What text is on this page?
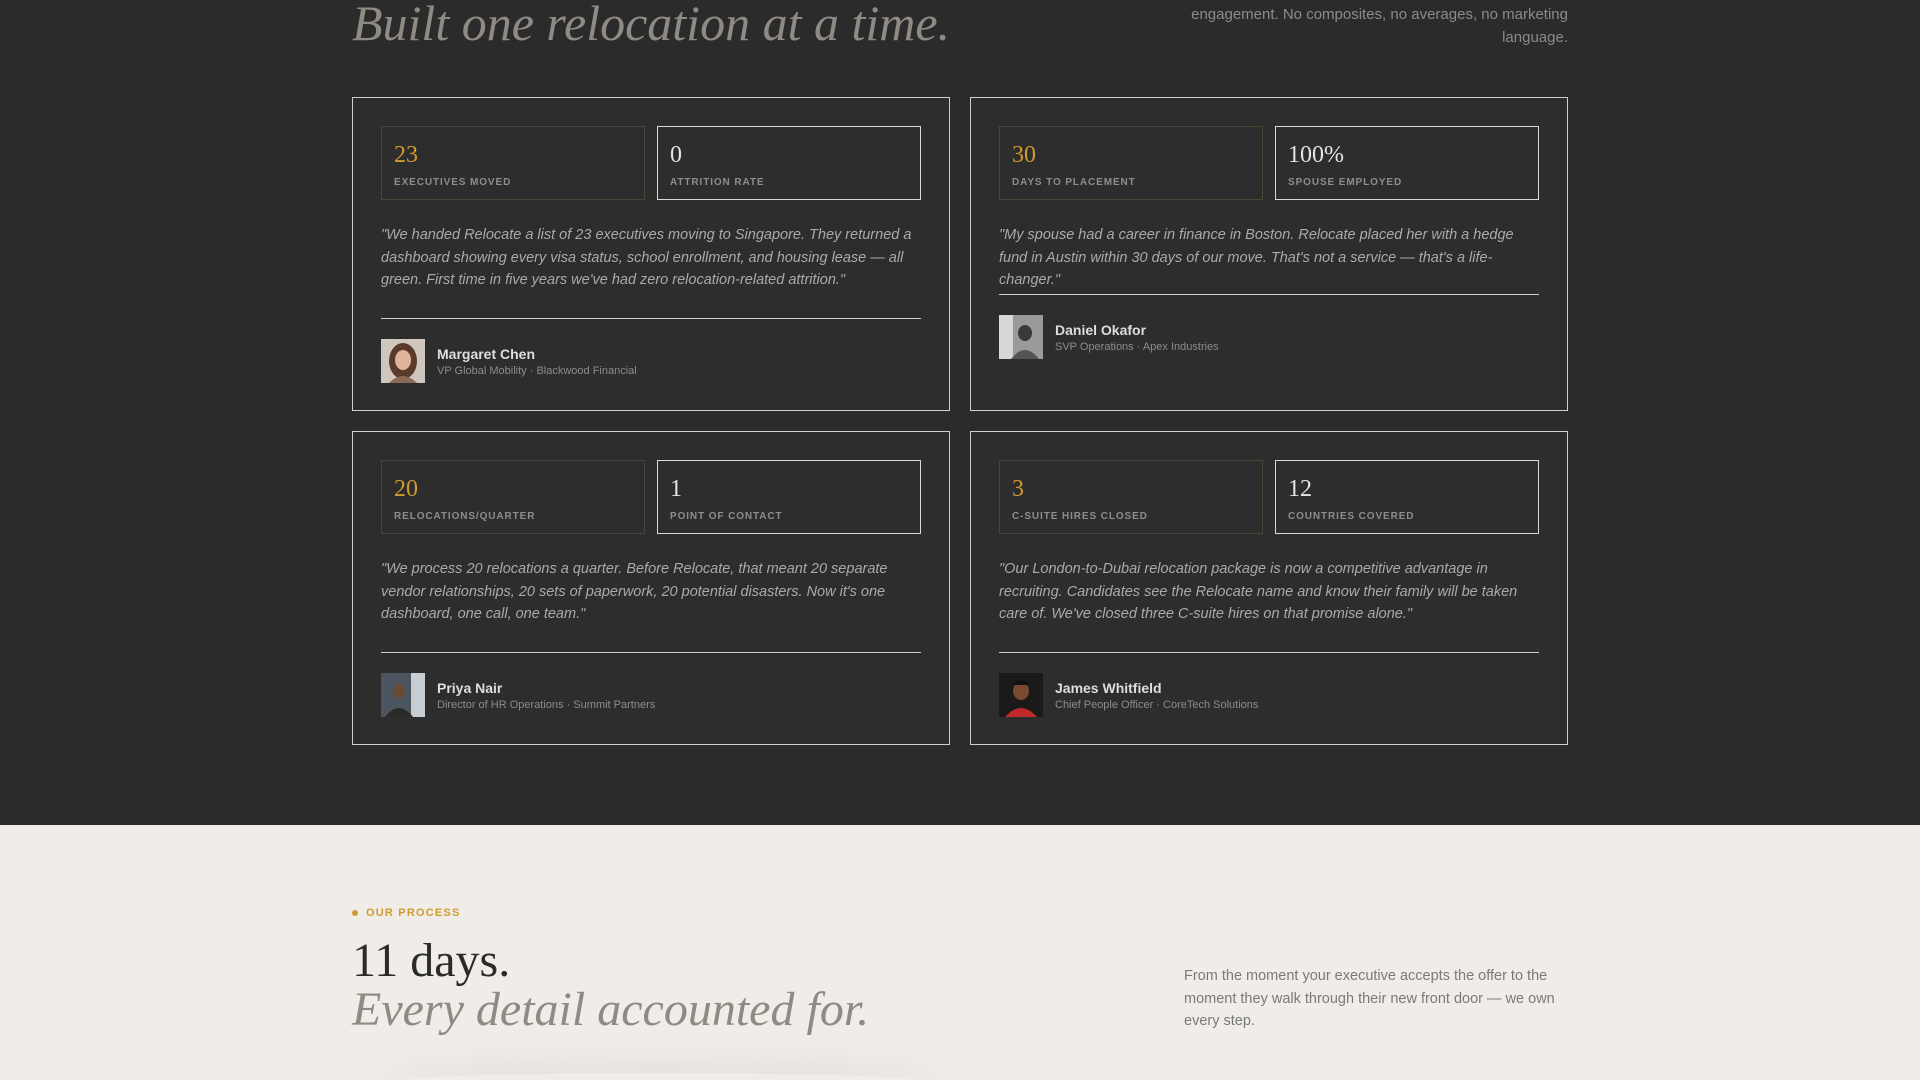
Built one relocation at a time.	engagement. No composites, no averages, no marketing language.
23
EXECUTIVES MOVED
0
ATTRITION RATE
"We handed Relocate a list of 23 executives moving to Singapore. They returned a dashboard showing every visa status, school enrollment, and housing lease — all green. First time in five years we've had zero relocation-related attrition."
Margaret Chen
VP Global Mobility · Blackwood Financial
30
DAYS TO PLACEMENT
100%
SPOUSE EMPLOYED
"My spouse had a career in finance in Boston. Relocate placed her with a hedge fund in Austin within 30 days of our move. That's not a service — that's a life-changer."
Daniel Okafor
SVP Operations · Apex Industries
20
RELOCATIONS/QUARTER
1
POINT OF CONTACT
"We process 20 relocations a quarter. Before Relocate, that meant 20 separate vendor relationships, 20 sets of paperwork, 20 potential disasters. Now it's one dashboard, one call, one team."
Priya Nair
Director of HR Operations · Summit Partners
3
C-SUITE HIRES CLOSED
12
COUNTRIES COVERED
"Our London-to-Dubai relocation package is now a competitive advantage in recruiting. Candidates see the Relocate name and know their family will be taken care of. We've closed three C-suite hires on that promise alone."
James Whitfield
Chief People Officer · CoreTech Solutions
OUR PROCESS
11 days.
Every detail accounted for.
From the moment your executive accepts the offer to the moment they walk through their new front door — we own every step.
